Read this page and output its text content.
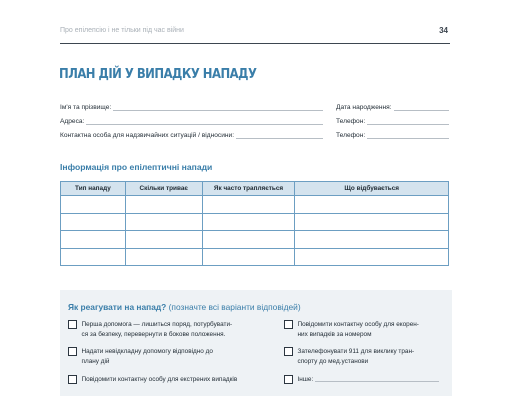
Про епілепсію і не тільки під час війни	34
ПЛАН ДІЙ У ВИПАДКУ НАПАДУ
Ім'я та прізвище:	Дата народження:
Адреса:	Телефон:
Контактна особа для надзвичайних ситуацій / відносини:	Телефон:
Інформація про епілептичні напади
Тип нападу	Скільки триває	Як часто трапляється	Що відбувається

Як реагувати на напад? (позначте всі варіанти відповідей)
Перша допомога — лишиться поряд, потурбувати-
ся за безпеку, перевернути в бокове положення.
Повідомити контактну особу для екорен-
них випадків за номером
Надати невідкладну допомогу відповідно до
плану дій
Зателефонувати 911 для виклику тран-
спорту до мед.установи
Повідомити контактну особу для екстрених випадків	Інше:
